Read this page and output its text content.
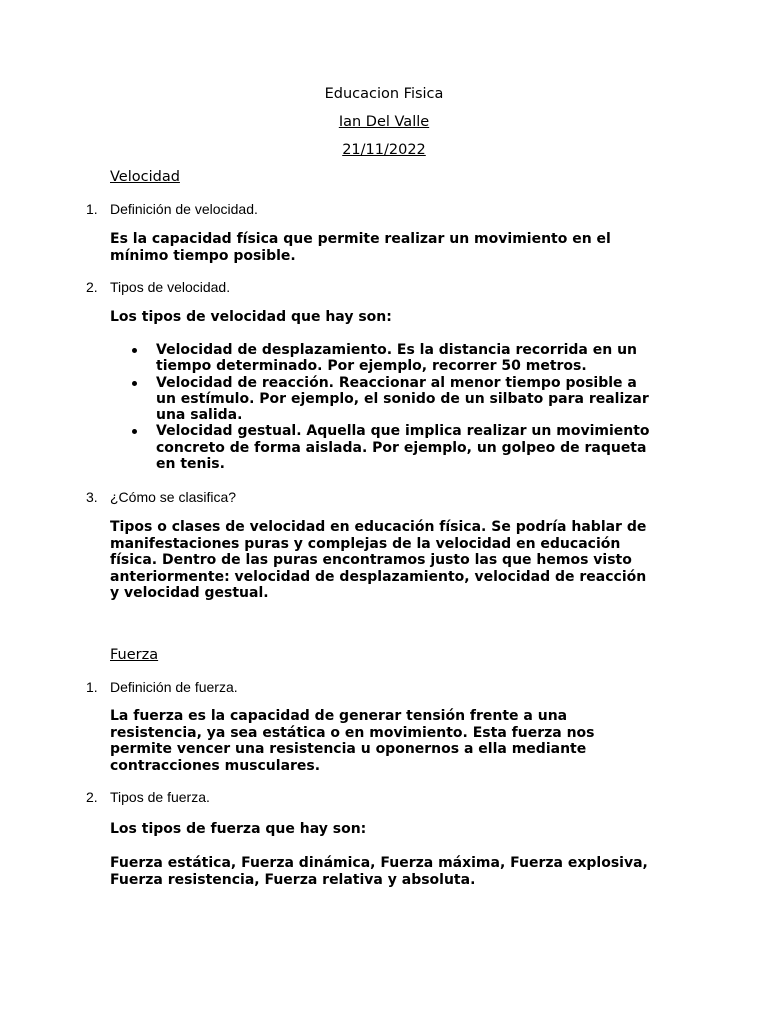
Educacion Fisica
Ian Del Valle
21/11/2022
Velocidad
1. Definición de velocidad.
Es la capacidad física que permite realizar un movimiento en el
mínimo tiempo posible.
2. Tipos de velocidad.
Los tipos de velocidad que hay son:
Velocidad de desplazamiento. Es la distancia recorrida en un
tiempo determinado. Por ejemplo, recorrer 50 metros.
Velocidad de reacción. Reaccionar al menor tiempo posible a
un estímulo. Por ejemplo, el sonido de un silbato para realizar
una salida.
Velocidad gestual. Aquella que implica realizar un movimiento
concreto de forma aislada. Por ejemplo, un golpeo de raqueta
en tenis.
3. ¿Cómo se clasifica?
Tipos o clases de velocidad en educación física. Se podría hablar de
manifestaciones puras y complejas de la velocidad en educación
física. Dentro de las puras encontramos justo las que hemos visto
anteriormente: velocidad de desplazamiento, velocidad de reacción
y velocidad gestual.
Fuerza
1. Definición de fuerza.
La fuerza es la capacidad de generar tensión frente a una
resistencia, ya sea estática o en movimiento. Esta fuerza nos
permite vencer una resistencia u oponernos a ella mediante
contracciones musculares.
2. Tipos de fuerza.
Los tipos de fuerza que hay son:
Fuerza estática, Fuerza dinámica, Fuerza máxima, Fuerza explosiva,
Fuerza resistencia, Fuerza relativa y absoluta.
